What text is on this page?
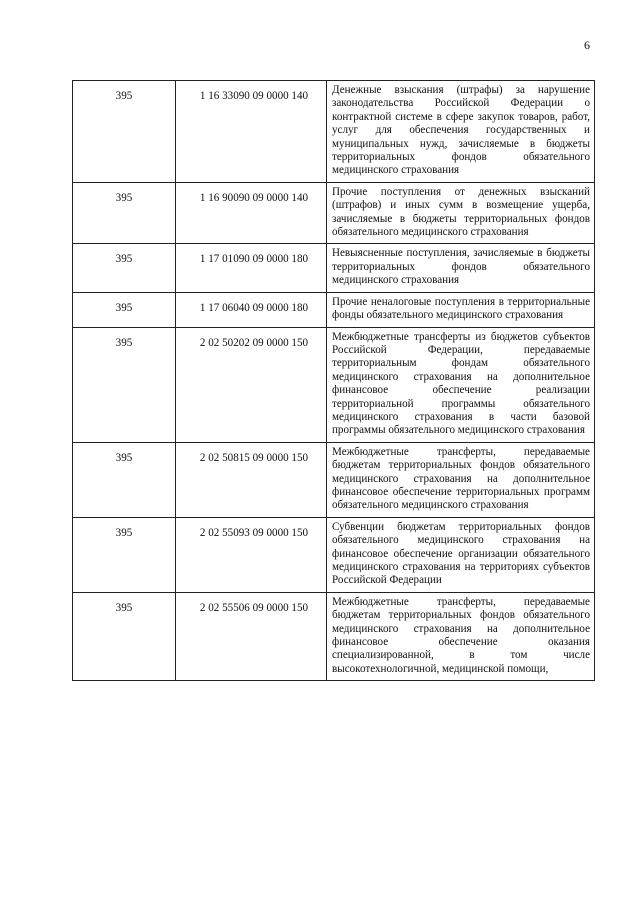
6
395	1 16 33090 09 0000 140	Денежные взыскания (штрафы) за нарушение законодательства Российской Федерации о контрактной системе в сфере закупок товаров, работ, услуг для обеспечения государственных и муниципальных нужд, зачисляемые в бюджеты территориальных фондов обязательного медицинского страхования
395	1 16 90090 09 0000 140	Прочие поступления от денежных взысканий (штрафов) и иных сумм в возмещение ущерба, зачисляемые в бюджеты территориальных фондов обязательного медицинского страхования
395	1 17 01090 09 0000 180	Невыясненные поступления, зачисляемые в бюджеты территориальных фондов обязательного медицинского страхования
395	1 17 06040 09 0000 180	Прочие неналоговые поступления в территориальные фонды обязательного медицинского страхования
395	2 02 50202 09 0000 150	Межбюджетные трансферты из бюджетов субъектов Российской Федерации, передаваемые территориальным фондам обязательного медицинского страхования на дополнительное финансовое обеспечение реализации территориальной программы обязательного медицинского страхования в части базовой программы обязательного медицинского страхования
395	2 02 50815 09 0000 150	Межбюджетные трансферты, передаваемые бюджетам территориальных фондов обязательного медицинского страхования на дополнительное финансовое обеспечение территориальных программ обязательного медицинского страхования
395	2 02 55093 09 0000 150	Субвенции бюджетам территориальных фондов обязательного медицинского страхования на финансовое обеспечение организации обязательного медицинского страхования на территориях субъектов Российской Федерации
395	2 02 55506 09 0000 150	Межбюджетные трансферты, передаваемые бюджетам территориальных фондов обязательного медицинского страхования на дополнительное финансовое обеспечение оказания специализированной, в том числе высокотехнологичной, медицинской помощи,
